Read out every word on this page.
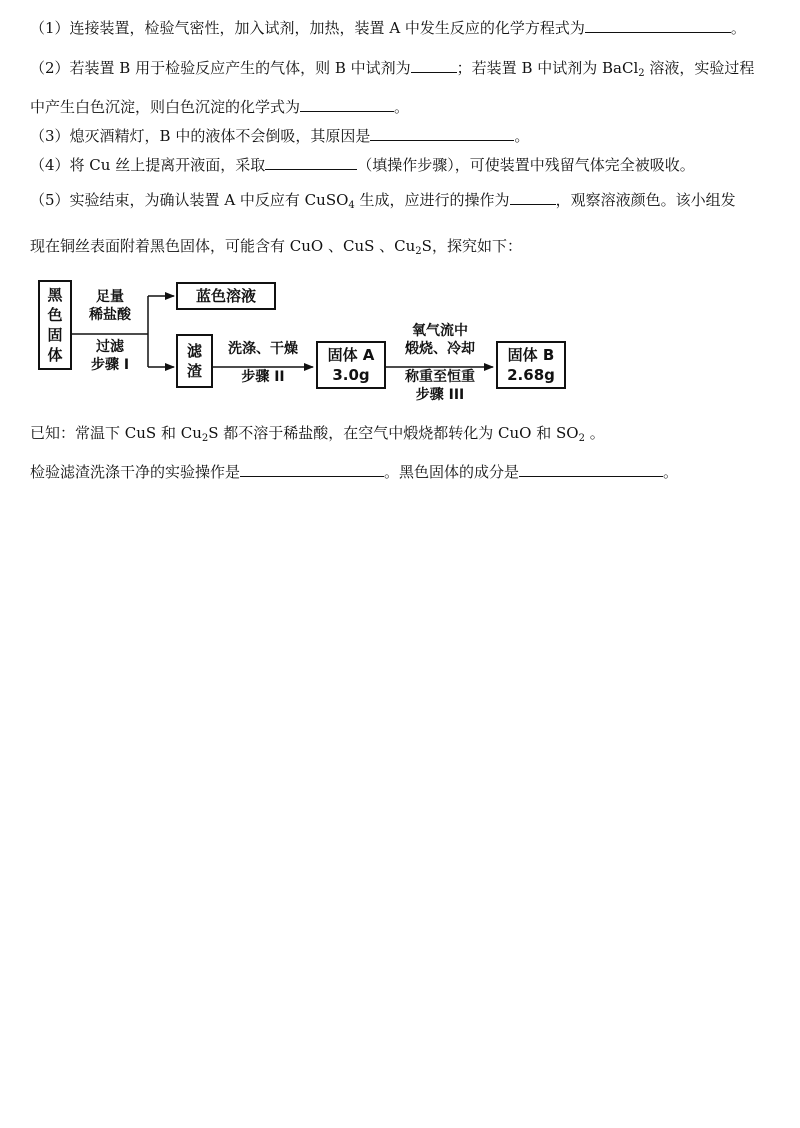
（1）连接装置，检验气密性，加入试剂，加热，装置 A 中发生反应的化学方程式为	。
（2）若装置 B 用于检验反应产生的气体，则 B 中试剂为	；若装置 B 中试剂为 BaCl$_2$ 溶液，实验过程
中产生白色沉淀，则白色沉淀的化学式为	。
（3）熄灭酒精灯，B 中的液体不会倒吸，其原因是	。
（4）将 Cu 丝上提离开液面，采取	（填操作步骤），可使装置中残留气体完全被吸收。
（5）实验结束，为确认装置 A 中反应有 CuSO$_4$ 生成，应进行的操作为	，观察溶液颜色。该小组发
现在铜丝表面附着黑色固体，可能含有 CuO 、CuS 、$Cu_2S$，探究如下：
黑
色
固
体
足量
稀盐酸
过滤
步骤 I
蓝色溶液
滤
渣
洗涤、干燥
步骤 II
固体 A
3.0g
氧气流中
煅烧、冷却
称重至恒重
步骤 III
固体 B
2.68g
已知：常温下 CuS 和 $Cu_2S$ 都不溶于稀盐酸，在空气中煅烧都转化为 CuO 和 $SO_2$ 。
检验滤渣洗涤干净的实验操作是	。黑色固体的成分是	。
